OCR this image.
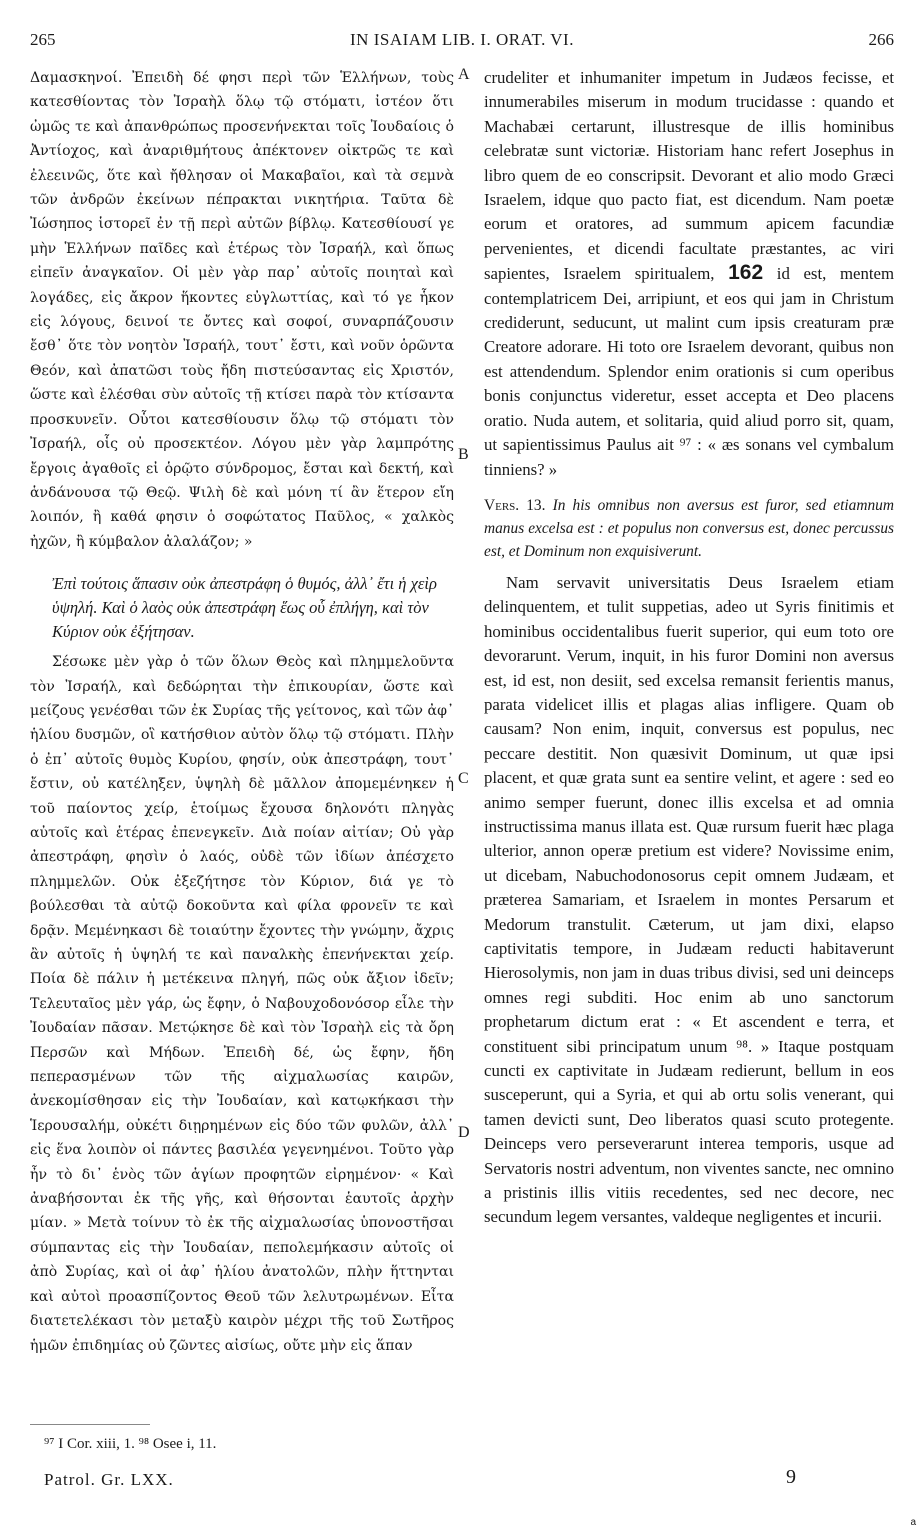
265	IN ISAIAM LIB. I. ORAT. VI.	266

Δαμασκηνοί. Ἐπειδὴ δέ φησι περὶ τῶν Ἑλλήνων, τοὺς κατεσθίοντας τὸν Ἰσραὴλ ὅλῳ τῷ στόματι, ἰστέον ὅτι ὠμῶς τε καὶ ἀπανθρώπως προσενήνεκται τοῖς Ἰουδαίοις ὁ Ἀντίοχος, καὶ ἀναριθμήτους ἀπέκτονεν οἰκτρῶς τε καὶ ἐλεεινῶς, ὅτε καὶ ἤθλησαν οἱ Μακαβαῖοι, καὶ τὰ σεμνὰ τῶν ἀνδρῶν ἐκείνων πέπρακται νικητήρια. Ταῦτα δὲ Ἰώσηπος ἱστορεῖ ἐν τῇ περὶ αὐτῶν βίβλῳ. Κατεσθίουσί γε μὴν Ἑλλήνων παῖδες καὶ ἑτέρως τὸν Ἰσραήλ, καὶ ὅπως εἰπεῖν ἀναγκαῖον. Οἱ μὲν γὰρ παρ᾽ αὐτοῖς ποιηταὶ καὶ λογάδες, εἰς ἄκρον ἥκοντες εὐγλωττίας, καὶ τό γε ἧκον εἰς λόγους, δεινοί τε ὄντες καὶ σοφοί, συναρπάζουσιν ἔσθ᾽ ὅτε τὸν νοητὸν Ἰσραήλ, τουτ᾽ ἔστι, καὶ νοῦν ὁρῶντα Θεόν, καὶ ἀπατῶσι τοὺς ἤδη πιστεύσαντας εἰς Χριστόν, ὥστε καὶ ἑλέσθαι σὺν αὐτοῖς τῇ κτίσει παρὰ τὸν κτίσαντα προσκυνεῖν. Οὗτοι κατεσθίουσιν ὅλῳ τῷ στόματι τὸν Ἰσραήλ, οἷς οὐ προσεκτέον. Λόγου μὲν γὰρ λαμπρότης ἔργοις ἀγαθοῖς εἰ ὁρῷτο σύνδρομος, ἔσται καὶ δεκτή, καὶ ἁνδάνουσα τῷ Θεῷ. Ψιλὴ δὲ καὶ μόνη τί ἂν ἕτερον εἴη λοιπόν, ἢ καθά φησιν ὁ σοφώτατος Παῦλος, « χαλκὸς ἠχῶν, ἢ κύμβαλον ἀλαλάζον; »

Ἐπὶ τούτοις ἅπασιν οὐκ ἀπεστράφη ὁ θυμός, ἀλλ᾽ ἔτι ἡ χεὶρ ὑψηλή. Καὶ ὁ λαὸς οὐκ ἀπεστράφη ἕως οὗ ἐπλήγη, καὶ τὸν Κύριον οὐκ ἐξήτησαν.

Σέσωκε μὲν γὰρ ὁ τῶν ὅλων Θεὸς καὶ πλημμελοῦντα τὸν Ἰσραήλ, καὶ δεδώρηται τὴν ἐπικουρίαν, ὥστε καὶ μείζους γενέσθαι τῶν ἐκ Συρίας τῆς γείτονος, καὶ τῶν ἀφ᾽ ἡλίου δυσμῶν, οἳ κατήσθιον αὐτὸν ὅλῳ τῷ στόματι. Πλὴν ὁ ἐπ᾽ αὐτοῖς θυμὸς Κυρίου, φησίν, οὐκ ἀπεστράφη, τουτ᾽ ἔστιν, οὐ κατέληξεν, ὑψηλὴ δὲ μᾶλλον ἀπομεμένηκεν ἡ τοῦ παίοντος χείρ, ἑτοίμως ἔχουσα δηλονότι πληγὰς αὐτοῖς καὶ ἑτέρας ἐπενεγκεῖν. Διὰ ποίαν αἰτίαν; Οὐ γὰρ ἀπεστράφη, φησὶν ὁ λαός, οὐδὲ τῶν ἰδίων ἀπέσχετο πλημμελῶν. Οὐκ ἐξεζήτησε τὸν Κύριον, διά γε τὸ βούλεσθαι τὰ αὐτῷ δοκοῦντα καὶ φίλα φρονεῖν τε καὶ δρᾷν. Μεμένηκασι δὲ τοιαύτην ἔχοντες τὴν γνώμην, ἄχρις ἂν αὐτοῖς ἡ ὑψηλή τε καὶ παναλκὴς ἐπενήνεκται χείρ. Ποία δὲ πάλιν ἡ μετέκεινα πληγή, πῶς οὐκ ἄξιον ἰδεῖν; Τελευταῖος μὲν γάρ, ὡς ἔφην, ὁ Ναβουχοδονόσορ εἷλε τὴν Ἰουδαίαν πᾶσαν. Μετῴκησε δὲ καὶ τὸν Ἰσραὴλ εἰς τὰ ὄρη Περσῶν καὶ Μήδων. Ἐπειδὴ δέ, ὡς ἔφην, ἤδη πεπερασμένων τῶν τῆς αἰχμαλωσίας καιρῶν, ἀνεκομίσθησαν εἰς τὴν Ἰουδαίαν, καὶ κατῳκήκασι τὴν Ἱερουσαλήμ, οὐκέτι διῃρημένων εἰς δύο τῶν φυλῶν, ἀλλ᾽ εἰς ἕνα λοιπὸν οἱ πάντες βασιλέα γεγενημένοι. Τοῦτο γὰρ ἦν τὸ δι᾽ ἑνὸς τῶν ἁγίων προφητῶν εἰρημένον· « Καὶ ἀναβήσονται ἐκ τῆς γῆς, καὶ θήσονται ἑαυτοῖς ἀρχὴν μίαν. » Μετὰ τοίνυν τὸ ἐκ τῆς αἰχμαλωσίας ὑπονοστῆσαι σύμπαντας εἰς τὴν Ἰουδαίαν, πεπολεμήκασιν αὐτοῖς οἱ ἀπὸ Συρίας, καὶ οἱ ἀφ᾽ ἡλίου ἀνατολῶν, πλὴν ἥττηνται καὶ αὐτοὶ προασπίζοντος Θεοῦ τῶν λελυτρωμένων. Εἶτα διατετελέκασι τὸν μεταξὺ καιρὸν μέχρι τῆς τοῦ Σωτῆρος ἡμῶν ἐπιδημίας οὐ ζῶντες αἰσίως, οὔτε μὴν εἰς ἅπαν

crudeliter et inhumaniter impetum in Judæos fecisse, et innumerabiles miserum in modum trucidasse : quando et Machabæi certarunt, illustresque de illis hominibus celebratæ sunt victoriæ. Historiam hanc refert Josephus in libro quem de eo conscripsit. Devorant et alio modo Græci Israelem, idque quo pacto fiat, est dicendum. Nam poetæ eorum et oratores, ad summum apicem facundiæ pervenientes, et dicendi facultate præstantes, ac viri sapientes, Israelem spiritualem, 162 id est, mentem contemplatricem Dei, arripiunt, et eos qui jam in Christum crediderunt, seducunt, ut malint cum ipsis creaturam præ Creatore adorare. Hi toto ore Israelem devorant, quibus non est attendendum. Splendor enim orationis si cum operibus bonis conjunctus videretur, esset accepta et Deo placens oratio. Nuda autem, et solitaria, quid aliud porro sit, quam, ut sapientissimus Paulus ait ⁹⁷ : « æs sonans vel cymbalum tinniens? »

Vers. 13. In his omnibus non aversus est furor, sed etiamnum manus excelsa est : et populus non conversus est, donec percussus est, et Dominum non exquisiverunt.

Nam servavit universitatis Deus Israelem etiam delinquentem, et tulit suppetias, adeo ut Syris finitimis et hominibus occidentalibus fuerit superior, qui eum toto ore devorarunt. Verum, inquit, in his furor Domini non aversus est, id est, non desiit, sed excelsa remansit ferientis manus, parata videlicet illis et plagas alias infligere. Quam ob causam? Non enim, inquit, conversus est populus, nec peccare destitit. Non quæsivit Dominum, ut quæ ipsi placent, et quæ grata sunt ea sentire velint, et agere : sed eo animo semper fuerunt, donec illis excelsa et ad omnia instructissima manus illata est. Quæ rursum fuerit hæc plaga ulterior, annon operæ pretium est videre? Novissime enim, ut dicebam, Nabuchodonosorus cepit omnem Judæam, et præterea Samariam, et Israelem in montes Persarum et Medorum transtulit. Cæterum, ut jam dixi, elapso captivitatis tempore, in Judæam reducti habitaverunt Hierosolymis, non jam in duas tribus divisi, sed uni deinceps omnes regi subditi. Hoc enim ab uno sanctorum prophetarum dictum erat : « Et ascendent e terra, et constituent sibi principatum unum ⁹⁸. » Itaque postquam cuncti ex captivitate in Judæam redierunt, bellum in eos susceperunt, qui a Syria, et qui ab ortu solis venerant, qui tamen devicti sunt, Deo liberatos quasi scuto protegente. Deinceps vero perseverarunt interea temporis, usque ad Servatoris nostri adventum, non viventes sancte, nec omnino a pristinis illis vitiis recedentes, sed nec decore, nec secundum legem versantes, valdeque negligentes et incurii.

A
B
C
D
⁹⁷ I Cor. xiii, 1. ⁹⁸ Osee i, 11.
Patrol. Gr. LXX.	9
a
